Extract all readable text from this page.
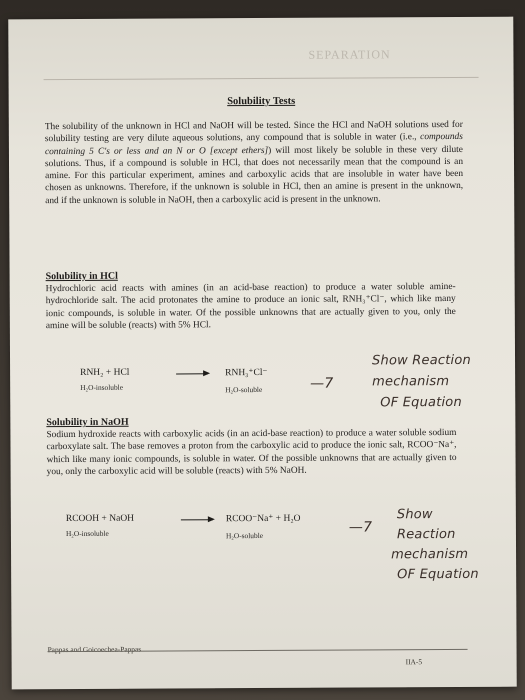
SEPARATION
Solubility Tests

The solubility of the unknown in HCl and NaOH will be tested. Since the HCl and NaOH solutions used for solubility testing are very dilute aqueous solutions, any compound that is soluble in water (i.e., compounds containing 5 C's or less and an N or O [except ethers]) will most likely be soluble in these very dilute solutions. Thus, if a compound is soluble in HCl, that does not necessarily mean that the compound is an amine. For this particular experiment, amines and carboxylic acids that are insoluble in water have been chosen as unknowns. Therefore, if the unknown is soluble in HCl, then an amine is present in the unknown, and if the unknown is soluble in NaOH, then a carboxylic acid is present in the unknown.

Solubility in HCl

Hydrochloric acid reacts with amines (in an acid-base reaction) to produce a water soluble amine-hydrochloride salt. The acid protonates the amine to produce an ionic salt, RNH₃⁺Cl⁻, which like many ionic compounds, is soluble in water. Of the possible unknowns that are actually given to you, only the amine will be soluble (reacts) with 5% HCl.

RNH₂ + HCl	RNH₃⁺Cl⁻
H₂O-insoluble	H₂O-soluble	—7
Show Reaction
mechanism
OF Equation
Solubility in NaOH

Sodium hydroxide reacts with carboxylic acids (in an acid-base reaction) to produce a water soluble sodium carboxylate salt. The base removes a proton from the carboxylic acid to produce the ionic salt, RCOO⁻Na⁺, which like many ionic compounds, is soluble in water. Of the possible unknowns that are actually given to you, only the carboxylic acid will be soluble (reacts) with 5% NaOH.

RCOOH + NaOH	RCOO⁻Na⁺ + H₂O
H₂O-insoluble	H₂O-soluble
—7
Show
Reaction
mechanism
OF Equation
Pappas and Goicoechea-Pappas
IIA-5
